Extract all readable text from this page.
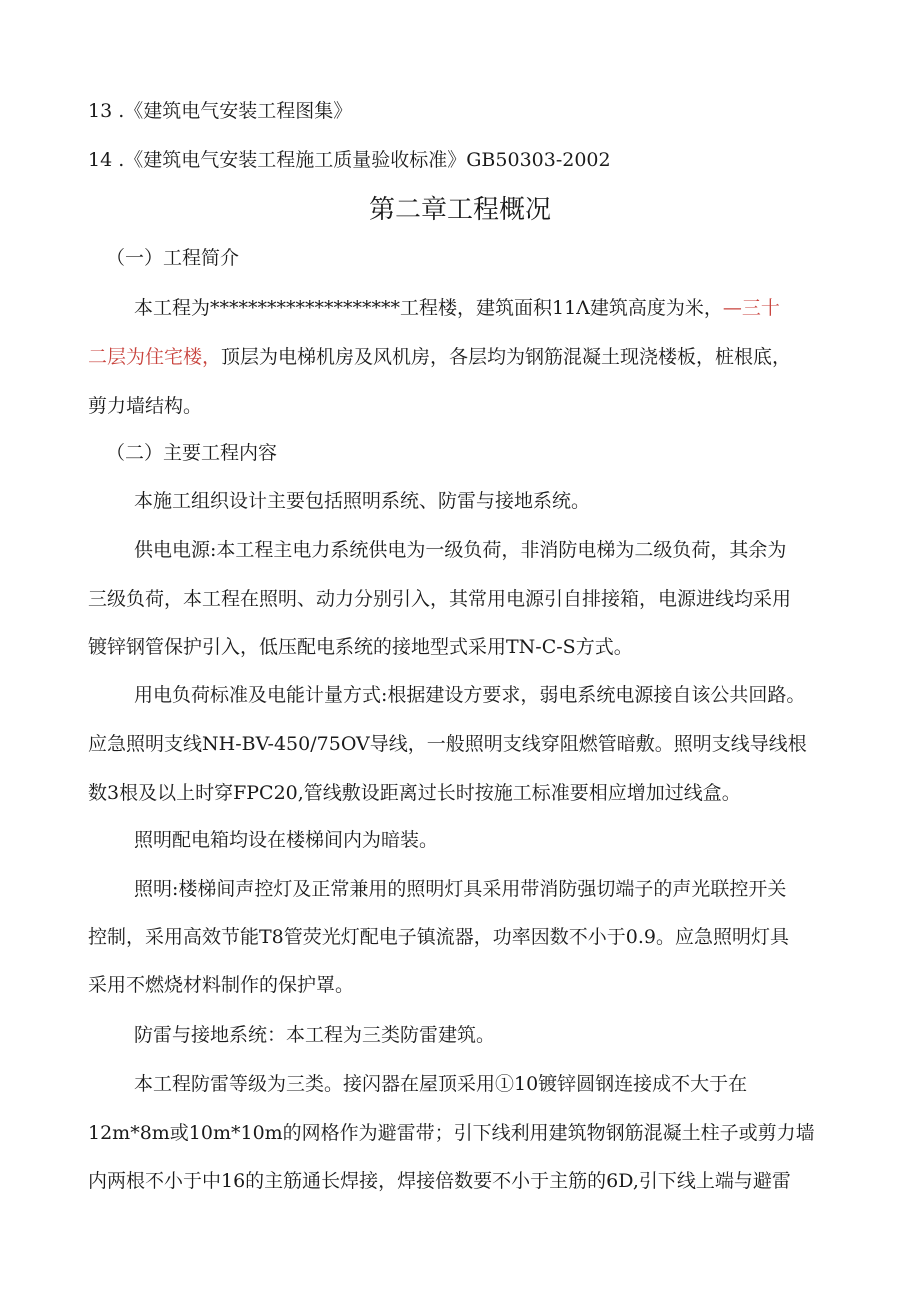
13 .《建筑电气安装工程图集》
14 .《建筑电气安装工程施工质量验收标准》GB50303-2002
第二章工程概况
（一）工程简介
本工程为********************工程楼，建筑面积11Λ建筑高度为米，—三十
二层为住宅楼，顶层为电梯机房及风机房，各层均为钢筋混凝土现浇楼板，桩根底，
剪力墙结构。
（二）主要工程内容
本施工组织设计主要包括照明系统、防雷与接地系统。
供电电源:本工程主电力系统供电为一级负荷，非消防电梯为二级负荷，其余为
三级负荷，本工程在照明、动力分别引入，其常用电源引自排接箱，电源进线均采用
镀锌钢管保护引入，低压配电系统的接地型式采用TN-C-S方式。
用电负荷标准及电能计量方式:根据建设方要求，弱电系统电源接自该公共回路。
应急照明支线NH-BV-450/75OV导线，一般照明支线穿阻燃管暗敷。照明支线导线根
数3根及以上时穿FPC20,管线敷设距离过长时按施工标准要相应增加过线盒。
照明配电箱均设在楼梯间内为暗装。
照明:楼梯间声控灯及正常兼用的照明灯具采用带消防强切端子的声光联控开关
控制，采用高效节能T8管荧光灯配电子镇流器，功率因数不小于0.9。应急照明灯具
采用不燃烧材料制作的保护罩。
防雷与接地系统：本工程为三类防雷建筑。
本工程防雷等级为三类。接闪器在屋顶采用①10镀锌圆钢连接成不大于在
12m*8m或10m*10m的网格作为避雷带；引下线利用建筑物钢筋混凝土柱子或剪力墙
内两根不小于中16的主筋通长焊接，焊接倍数要不小于主筋的6D,引下线上端与避雷
